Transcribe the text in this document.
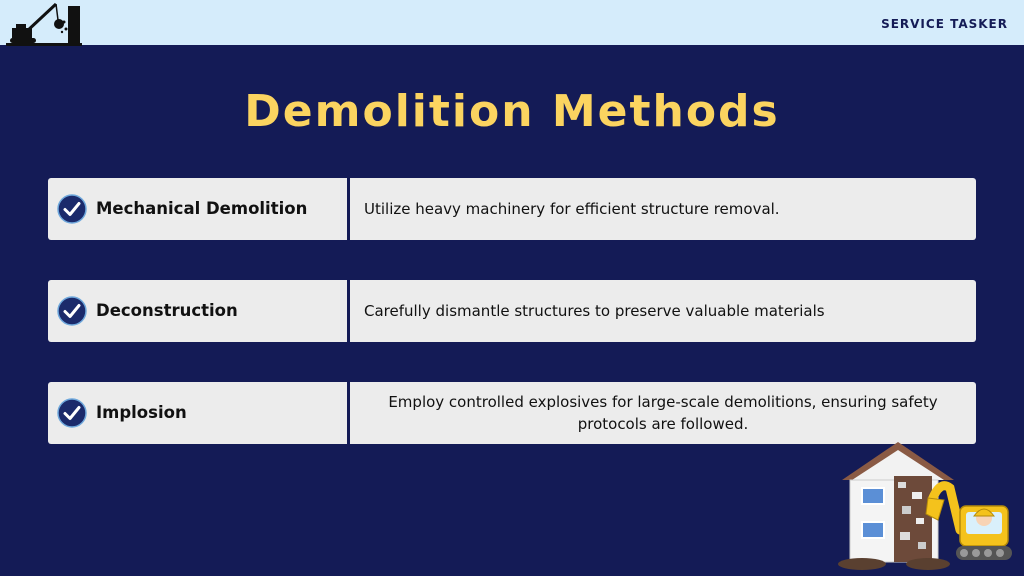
SERVICE TASKER
Demolition Methods
Mechanical Demolition	Utilize heavy machinery for efficient structure removal.
Deconstruction	Carefully dismantle structures to preserve valuable materials
Implosion
Employ controlled explosives for large-scale demolitions, ensuring safety protocols are followed.
